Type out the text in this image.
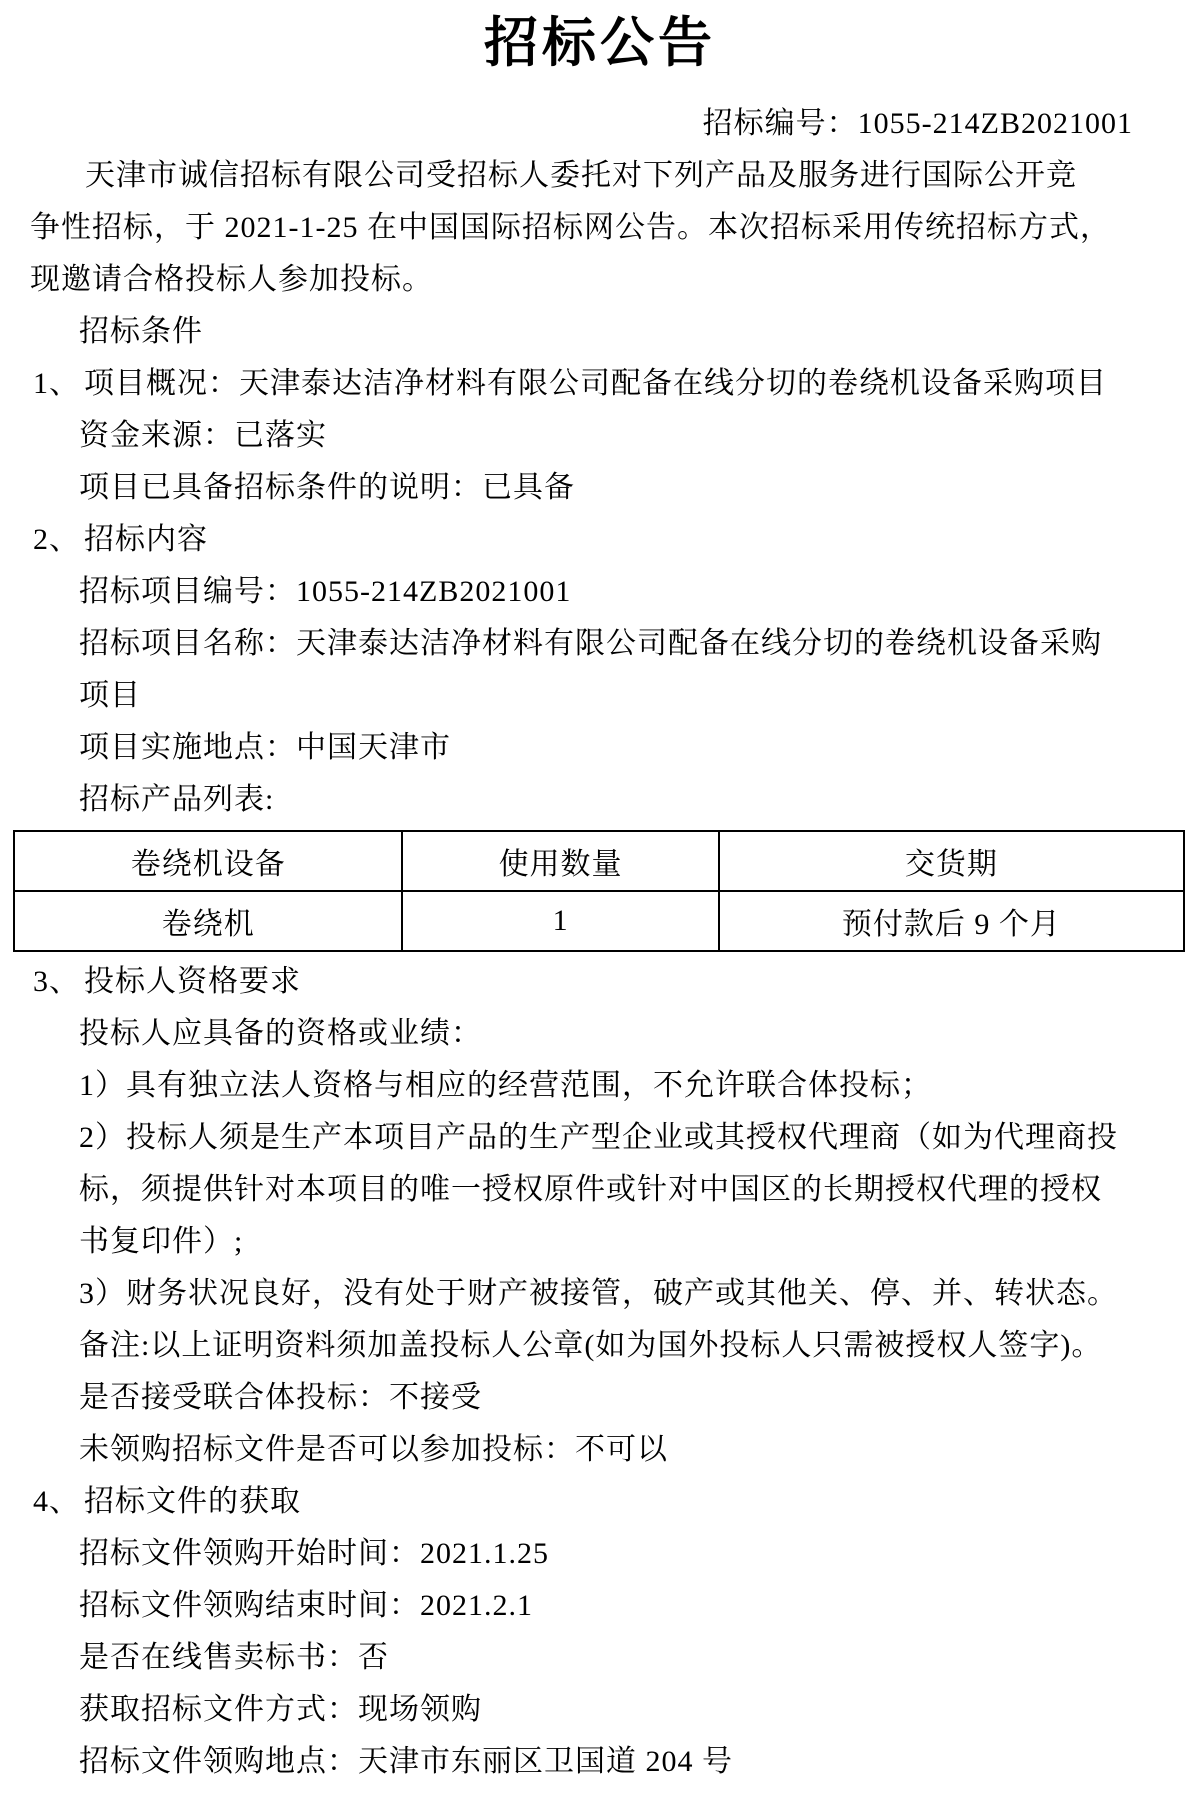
招标公告
招标编号：1055-214ZB2021001
天津市诚信招标有限公司受招标人委托对下列产品及服务进行国际公开竞
争性招标，于 2021-1-25 在中国国际招标网公告。本次招标采用传统招标方式，
现邀请合格投标人参加投标。
招标条件
1、 项目概况：天津泰达洁净材料有限公司配备在线分切的卷绕机设备采购项目
资金来源：已落实
项目已具备招标条件的说明：已具备
2、 招标内容
招标项目编号：1055-214ZB2021001
招标项目名称：天津泰达洁净材料有限公司配备在线分切的卷绕机设备采购
项目
项目实施地点：中国天津市
招标产品列表:
卷绕机设备	使用数量	交货期
卷绕机	1	预付款后 9 个月
3、 投标人资格要求
投标人应具备的资格或业绩：
1）具有独立法人资格与相应的经营范围，不允许联合体投标；
2）投标人须是生产本项目产品的生产型企业或其授权代理商（如为代理商投
标，须提供针对本项目的唯一授权原件或针对中国区的长期授权代理的授权
书复印件）;
3）财务状况良好，没有处于财产被接管，破产或其他关、停、并、转状态。
备注:以上证明资料须加盖投标人公章(如为国外投标人只需被授权人签字)。
是否接受联合体投标：不接受
未领购招标文件是否可以参加投标：不可以
4、 招标文件的获取
招标文件领购开始时间：2021.1.25
招标文件领购结束时间：2021.2.1
是否在线售卖标书：否
获取招标文件方式：现场领购
招标文件领购地点：天津市东丽区卫国道 204 号
